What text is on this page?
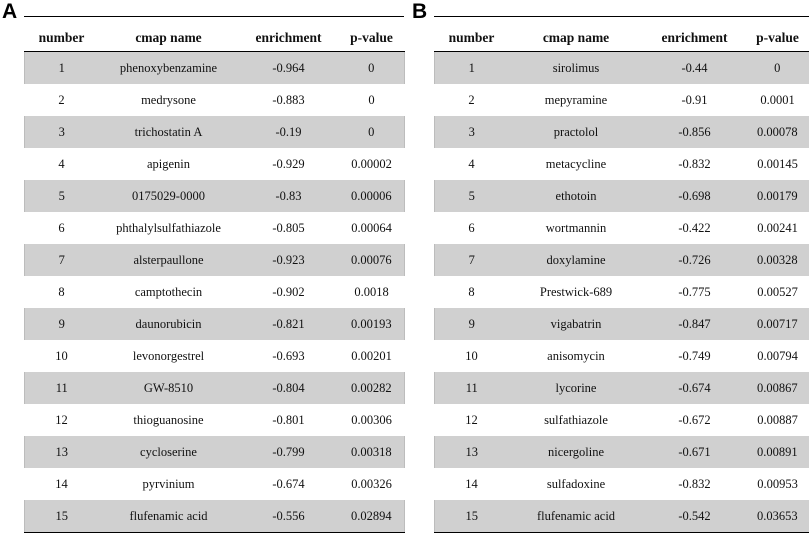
A
number	cmap name	enrichment	p-value
1	phenoxybenzamine	-0.964	0
2	medrysone	-0.883	0
3	trichostatin A	-0.19	0
4	apigenin	-0.929	0.00002
5	0175029-0000	-0.83	0.00006
6	phthalylsulfathiazole	-0.805	0.00064
7	alsterpaullone	-0.923	0.00076
8	camptothecin	-0.902	0.0018
9	daunorubicin	-0.821	0.00193
10	levonorgestrel	-0.693	0.00201
11	GW-8510	-0.804	0.00282
12	thioguanosine	-0.801	0.00306
13	cycloserine	-0.799	0.00318
14	pyrvinium	-0.674	0.00326
15	flufenamic acid	-0.556	0.02894
B
number	cmap name	enrichment	p-value
1	sirolimus	-0.44	0
2	mepyramine	-0.91	0.0001
3	practolol	-0.856	0.00078
4	metacycline	-0.832	0.00145
5	ethotoin	-0.698	0.00179
6	wortmannin	-0.422	0.00241
7	doxylamine	-0.726	0.00328
8	Prestwick-689	-0.775	0.00527
9	vigabatrin	-0.847	0.00717
10	anisomycin	-0.749	0.00794
11	lycorine	-0.674	0.00867
12	sulfathiazole	-0.672	0.00887
13	nicergoline	-0.671	0.00891
14	sulfadoxine	-0.832	0.00953
15	flufenamic acid	-0.542	0.03653
